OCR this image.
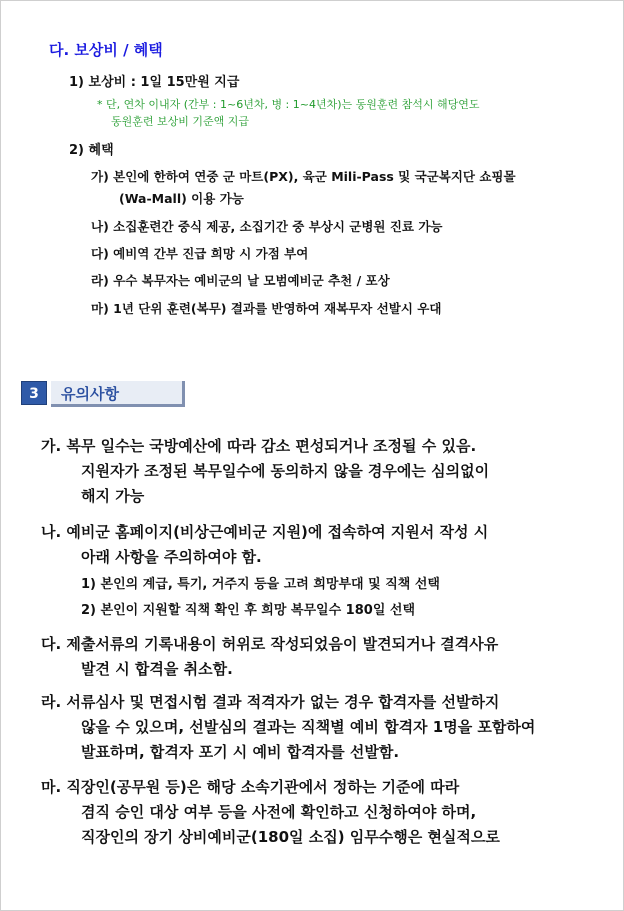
다. 보상비 / 혜택
1) 보상비 : 1일 15만원 지급
* 단, 연차 이내자 (간부 : 1~6년차, 병 : 1~4년차)는 동원훈련 참석시 해당연도
동원훈련 보상비 기준액 지급
2) 혜택
가) 본인에 한하여 연중 군 마트(PX), 육군 Mili-Pass 및 국군복지단 쇼핑몰
(Wa-Mall) 이용 가능
나) 소집훈련간 중식 제공, 소집기간 중 부상시 군병원 진료 가능
다) 예비역 간부 진급 희망 시 가점 부여
라) 우수 복무자는 예비군의 날 모범예비군 추천 / 포상
마) 1년 단위 훈련(복무) 결과를 반영하여 재복무자 선발시 우대
3	유의사항
가. 복무 일수는 국방예산에 따라 감소 편성되거나 조정될 수 있음.
지원자가 조정된 복무일수에 동의하지 않을 경우에는 심의없이
해지 가능
나. 예비군 홈페이지(비상근예비군 지원)에 접속하여 지원서 작성 시
아래 사항을 주의하여야 함.
1) 본인의 계급, 특기, 거주지 등을 고려 희망부대 및 직책 선택
2) 본인이 지원할 직책 확인 후 희망 복무일수 180일 선택
다. 제출서류의 기록내용이 허위로 작성되었음이 발견되거나 결격사유
발견 시 합격을 취소함.
라. 서류심사 및 면접시험 결과 적격자가 없는 경우 합격자를 선발하지
않을 수 있으며, 선발심의 결과는 직책별 예비 합격자 1명을 포함하여
발표하며, 합격자 포기 시 예비 합격자를 선발함.
마. 직장인(공무원 등)은 해당 소속기관에서 정하는 기준에 따라
겸직 승인 대상 여부 등을 사전에 확인하고 신청하여야 하며,
직장인의 장기 상비예비군(180일 소집) 임무수행은 현실적으로
